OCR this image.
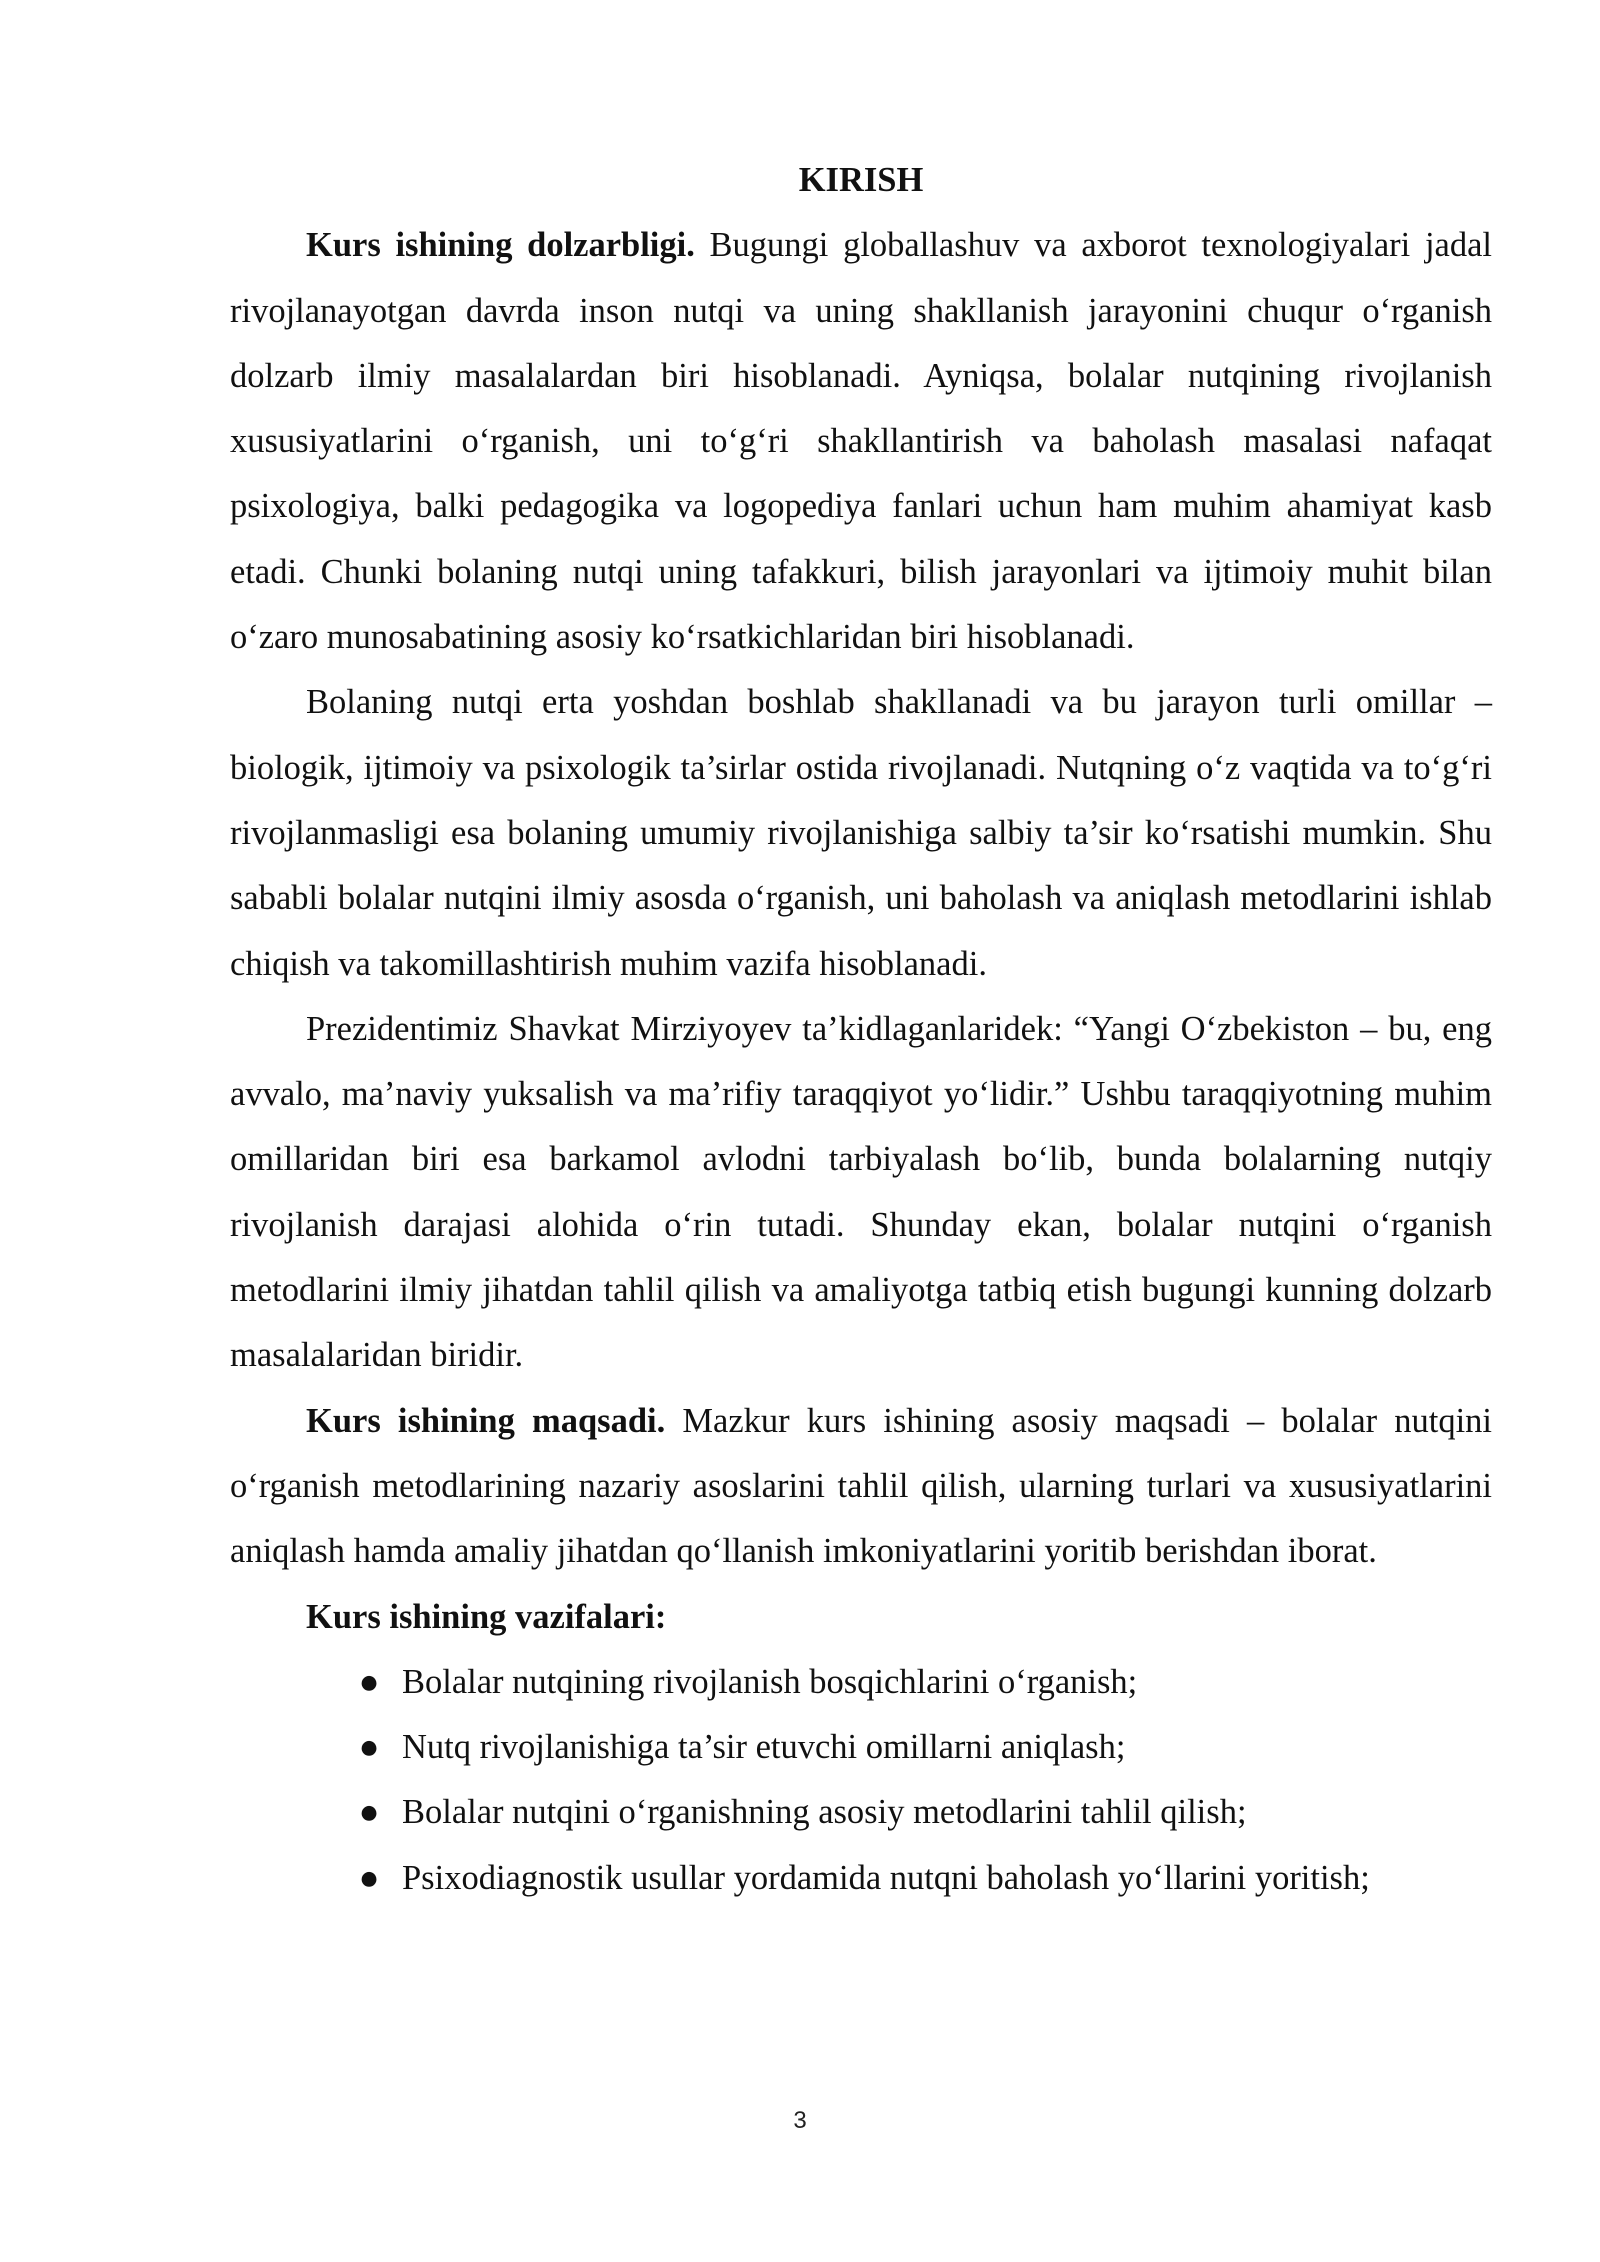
KIRISH

Kurs ishining dolzarbligi. Bugungi globallashuv va axborot texnologiyalari jadal rivojlanayotgan davrda inson nutqi va uning shakllanish jarayonini chuqur oʻrganish dolzarb ilmiy masalalardan biri hisoblanadi. Ayniqsa, bolalar nutqining rivojlanish xususiyatlarini oʻrganish, uni toʻgʻri shakllantirish va baholash masalasi nafaqat psixologiya, balki pedagogika va logopediya fanlari uchun ham muhim ahamiyat kasb etadi. Chunki bolaning nutqi uning tafakkuri, bilish jarayonlari va ijtimoiy muhit bilan oʻzaro munosabatining asosiy koʻrsatkichlaridan biri hisoblanadi.

Bolaning nutqi erta yoshdan boshlab shakllanadi va bu jarayon turli omillar – biologik, ijtimoiy va psixologik ta’sirlar ostida rivojlanadi. Nutqning oʻz vaqtida va toʻgʻri rivojlanmasligi esa bolaning umumiy rivojlanishiga salbiy ta’sir koʻrsatishi mumkin. Shu sababli bolalar nutqini ilmiy asosda oʻrganish, uni baholash va aniqlash metodlarini ishlab chiqish va takomillashtirish muhim vazifa hisoblanadi.

Prezidentimiz Shavkat Mirziyoyev ta’kidlaganlaridek: “Yangi Oʻzbekiston – bu, eng avvalo, ma’naviy yuksalish va ma’rifiy taraqqiyot yoʻlidir.” Ushbu taraqqiyotning muhim omillaridan biri esa barkamol avlodni tarbiyalash boʻlib, bunda bolalarning nutqiy rivojlanish darajasi alohida oʻrin tutadi. Shunday ekan, bolalar nutqini oʻrganish metodlarini ilmiy jihatdan tahlil qilish va amaliyotga tatbiq etish bugungi kunning dolzarb masalalaridan biridir.

Kurs ishining maqsadi. Mazkur kurs ishining asosiy maqsadi – bolalar nutqini oʻrganish metodlarining nazariy asoslarini tahlil qilish, ularning turlari va xususiyatlarini aniqlash hamda amaliy jihatdan qoʻllanish imkoniyatlarini yoritib berishdan iborat.

Kurs ishining vazifalari:
● Bolalar nutqining rivojlanish bosqichlarini oʻrganish;
● Nutq rivojlanishiga ta’sir etuvchi omillarni aniqlash;
● Bolalar nutqini oʻrganishning asosiy metodlarini tahlil qilish;
● Psixodiagnostik usullar yordamida nutqni baholash yoʻllarini yoritish;
3
